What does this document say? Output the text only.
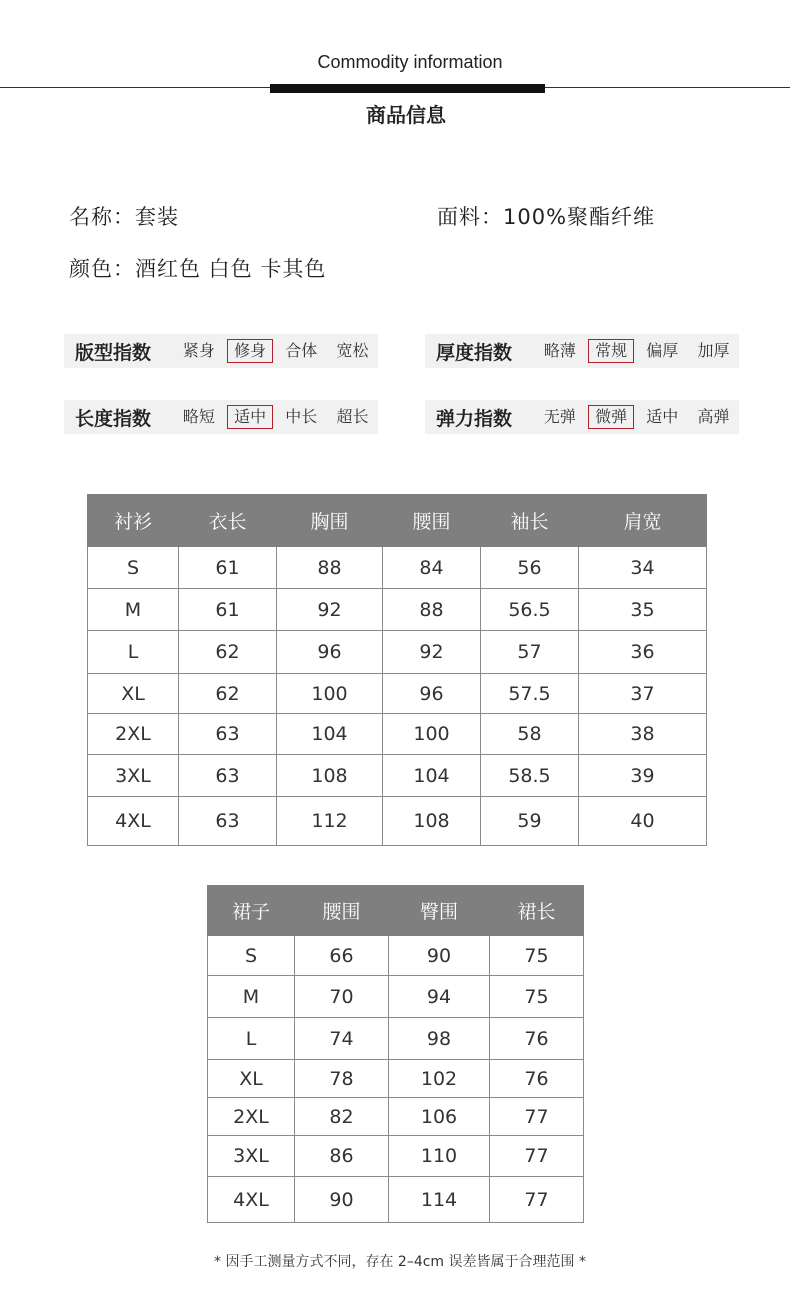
Commodity information
商品信息
名称：套装	面料：100%聚酯纤维
颜色：酒红色 白色 卡其色
版型指数	紧身	修身	合体	宽松	厚度指数	略薄	常规	偏厚	加厚
长度指数	略短	适中	中长	超长	弹力指数	无弹	微弹	适中	高弹
衬衫	衣长	胸围	腰围	袖长	肩宽
S	61	88	84	56	34
M	61	92	88	56.5	35
L	62	96	92	57	36
XL	62	100	96	57.5	37
2XL	63	104	100	58	38
3XL	63	108	104	58.5	39
4XL	63	112	108	59	40
裙子	腰围	臀围	裙长
S	66	90	75
M	70	94	75
L	74	98	76
XL	78	102	76
2XL	82	106	77
3XL	86	110	77
4XL	90	114	77
* 因手工测量方式不同，存在 2–4cm 误差皆属于合理范围 *
